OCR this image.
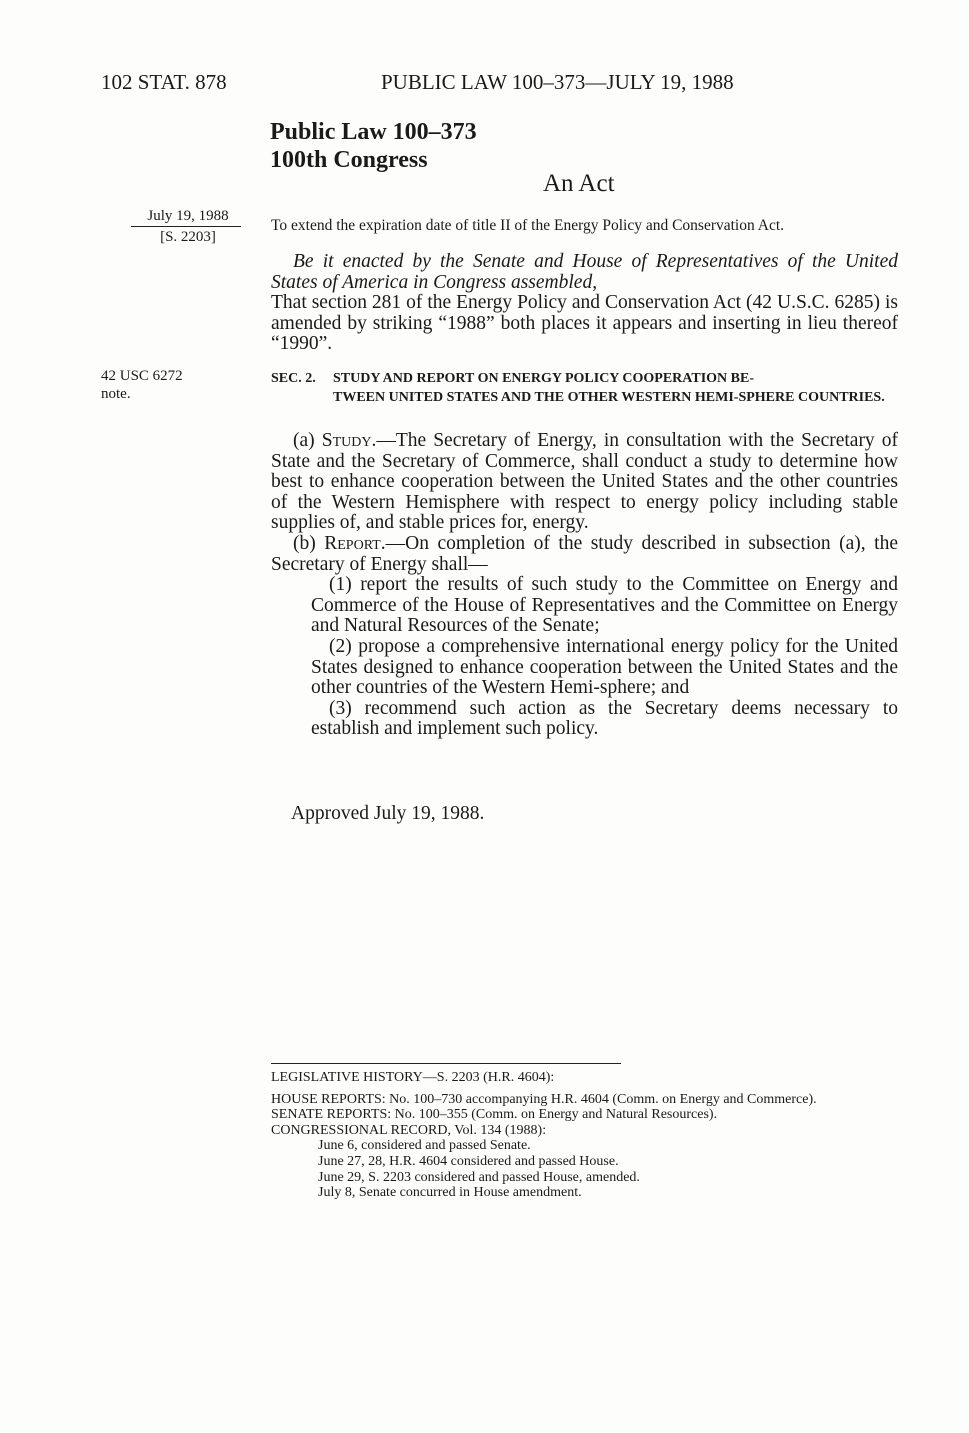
102 STAT. 878	PUBLIC LAW 100–373—JULY 19, 1988
Public Law 100–373
100th Congress
An Act
July 19, 1988
[S. 2203]
To extend the expiration date of title II of the Energy Policy and Conservation Act.
Be it enacted by the Senate and House of Representatives of the United States of America in Congress assembled, That section 281 of the Energy Policy and Conservation Act (42 U.S.C. 6285) is amended by striking “1988” both places it appears and inserting in lieu thereof “1990”.
42 USC 6272
note.
SEC. 2. STUDY AND REPORT ON ENERGY POLICY COOPERATION BE-
TWEEN UNITED STATES AND THE OTHER WESTERN HEMI-SPHERE COUNTRIES.
(a) Study.—The Secretary of Energy, in consultation with the Secretary of State and the Secretary of Commerce, shall conduct a study to determine how best to enhance cooperation between the United States and the other countries of the Western Hemisphere with respect to energy policy including stable supplies of, and stable prices for, energy.
(b) Report.—On completion of the study described in subsection (a), the Secretary of Energy shall—
(1) report the results of such study to the Committee on Energy and Commerce of the House of Representatives and the Committee on Energy and Natural Resources of the Senate;
(2) propose a comprehensive international energy policy for the United States designed to enhance cooperation between the United States and the other countries of the Western Hemi-sphere; and
(3) recommend such action as the Secretary deems necessary to establish and implement such policy.
Approved July 19, 1988.
LEGISLATIVE HISTORY—S. 2203 (H.R. 4604):
HOUSE REPORTS: No. 100–730 accompanying H.R. 4604 (Comm. on Energy and Commerce).
SENATE REPORTS: No. 100–355 (Comm. on Energy and Natural Resources).
CONGRESSIONAL RECORD, Vol. 134 (1988):
June 6, considered and passed Senate.
June 27, 28, H.R. 4604 considered and passed House.
June 29, S. 2203 considered and passed House, amended.
July 8, Senate concurred in House amendment.
